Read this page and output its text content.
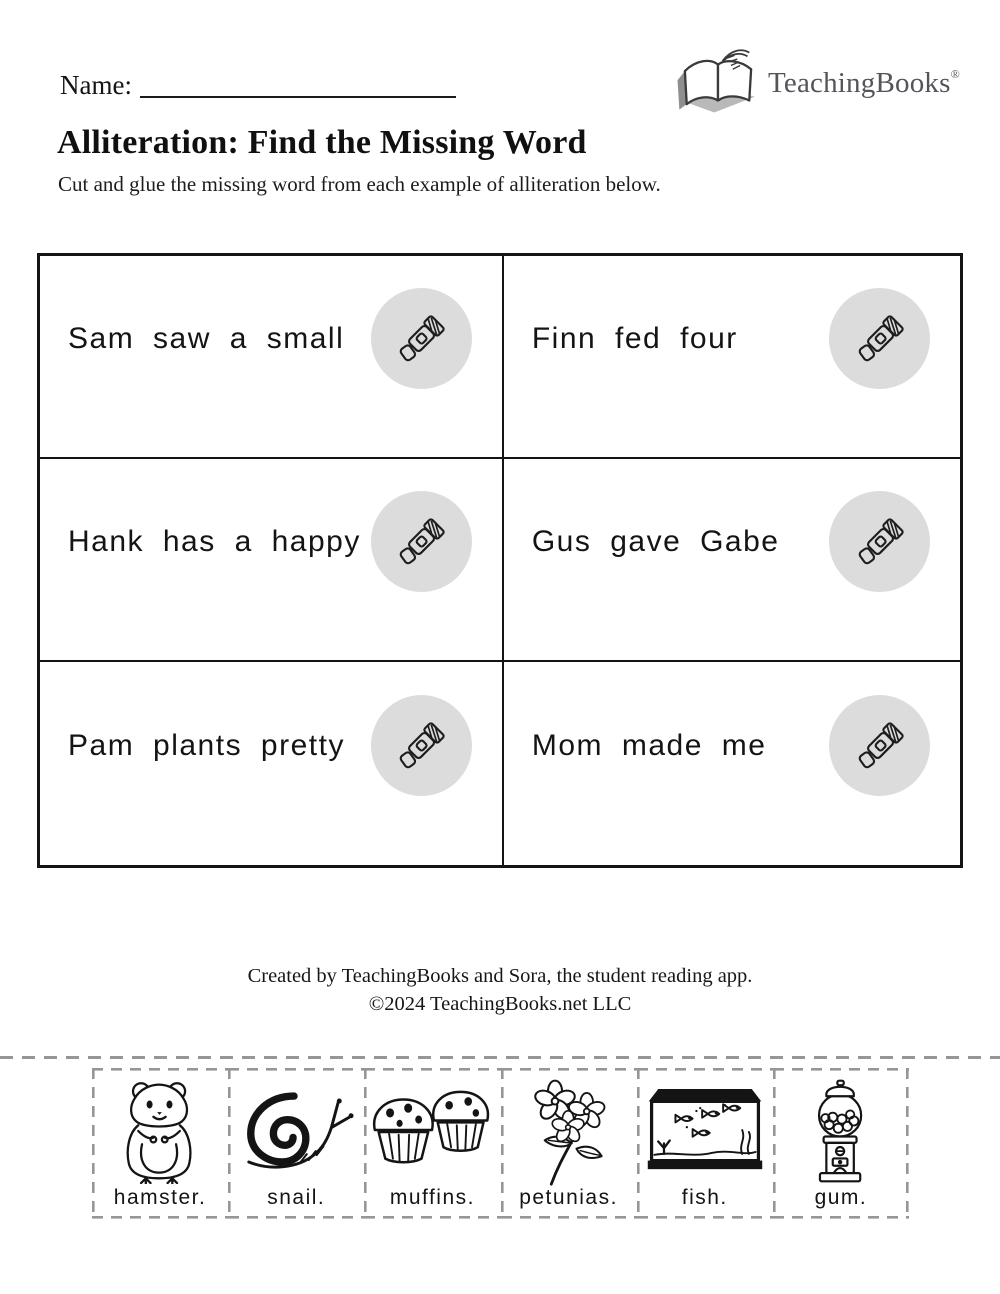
Name:	TeachingBooks®
Alliteration: Find the Missing Word
Cut and glue the missing word from each example of alliteration below.
Sam saw a small	Finn fed four
Hank has a happy	Gus gave Gabe
Pam plants pretty	Mom made me
Created by TeachingBooks and Sora, the student reading app.
©2024 TeachingBooks.net LLC
hamster.	snail.	muffins.	petunias.	fish.	gum.
